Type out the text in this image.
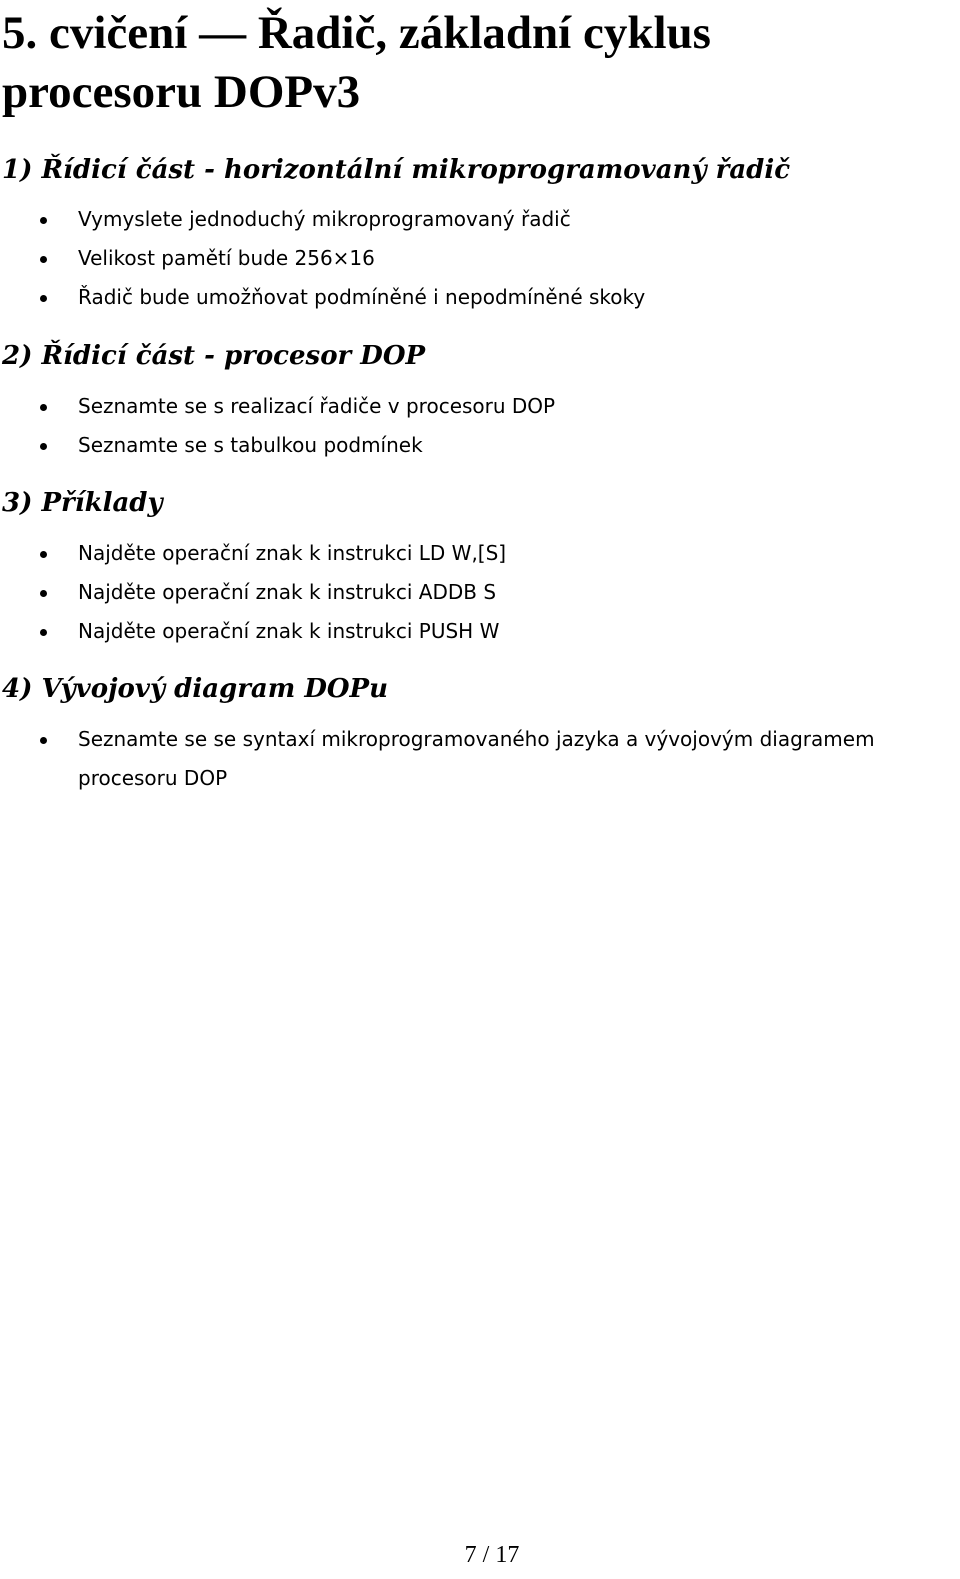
5. cvičení — Řadič, základní cyklus procesoru DOPv3
1) Řídicí část - horizontální mikroprogramovaný řadič
Vymyslete jednoduchý mikroprogramovaný řadič
Velikost pamětí bude 256×16
Řadič bude umožňovat podmíněné i nepodmíněné skoky
2) Řídicí část - procesor DOP
Seznamte se s realizací řadiče v procesoru DOP
Seznamte se s tabulkou podmínek
3) Příklady
Najděte operační znak k instrukci LD W,[S]
Najděte operační znak k instrukci ADDB S
Najděte operační znak k instrukci PUSH W
4) Vývojový diagram DOPu
Seznamte se se syntaxí mikroprogramovaného jazyka a vývojovým diagramem procesoru DOP
7 / 17
